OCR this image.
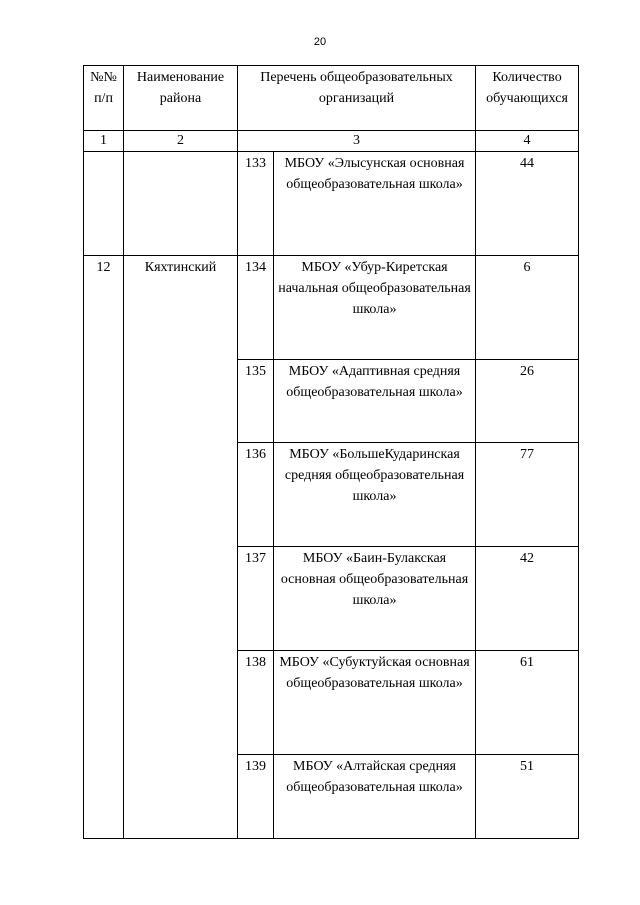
20
№№ п/п	Наименование района	Перечень общеобразовательных организаций		Количество обучающихся
1	2	3		4
		133	МБОУ «Элысунская основная общеобразовательная школа»	44
12	Кяхтинский	134	МБОУ «Убур-Киретская начальная общеобразовательная школа»	6
		135	МБОУ «Адаптивная средняя общеобразовательная школа»	26
		136	МБОУ «БольшеКударинская средняя общеобразовательная школа»	77
		137	МБОУ «Баин-Булакская основная общеобразовательная школа»	42
		138	МБОУ «Субуктуйская основная общеобразовательная школа»	61
		139	МБОУ «Алтайская средняя общеобразовательная школа»	51
